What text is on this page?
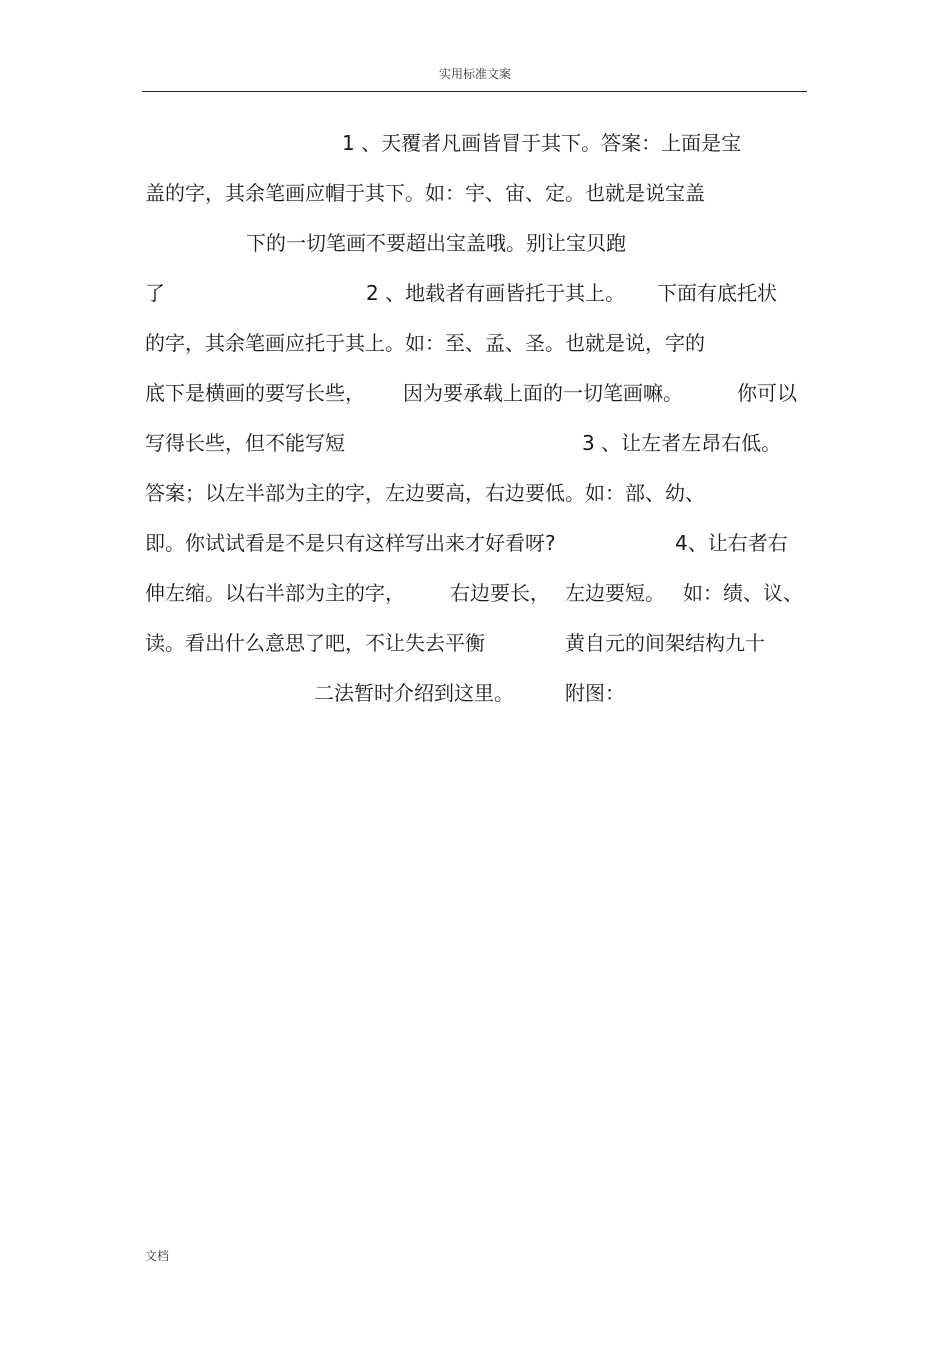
实用标准文案
1 、天覆者凡画皆冒于其下。答案：上面是宝
盖的字，其余笔画应帽于其下。如：宇、宙、定。也就是说宝盖
下的一切笔画不要超出宝盖哦。别让宝贝跑
了	2 、地载者有画皆托于其上。 下面有底托状
的字，其余笔画应托于其上。如：至、孟、圣。也就是说，字的
底下是横画的要写长些， 因为要承载上面的一切笔画嘛。	你可以
写得长些，但不能写短	3 、让左者左昂右低。
答案；以左半部为主的字，左边要高，右边要低。如：部、幼、
即。你试试看是不是只有这样写出来才好看呀?	4、让右者右
伸左缩。以右半部为主的字， 右边要长， 左边要短。 如：绩、议、
读。看出什么意思了吧，不让失去平衡	黄自元的间架结构九十
二法暂时介绍到这里。	附图：
文档
